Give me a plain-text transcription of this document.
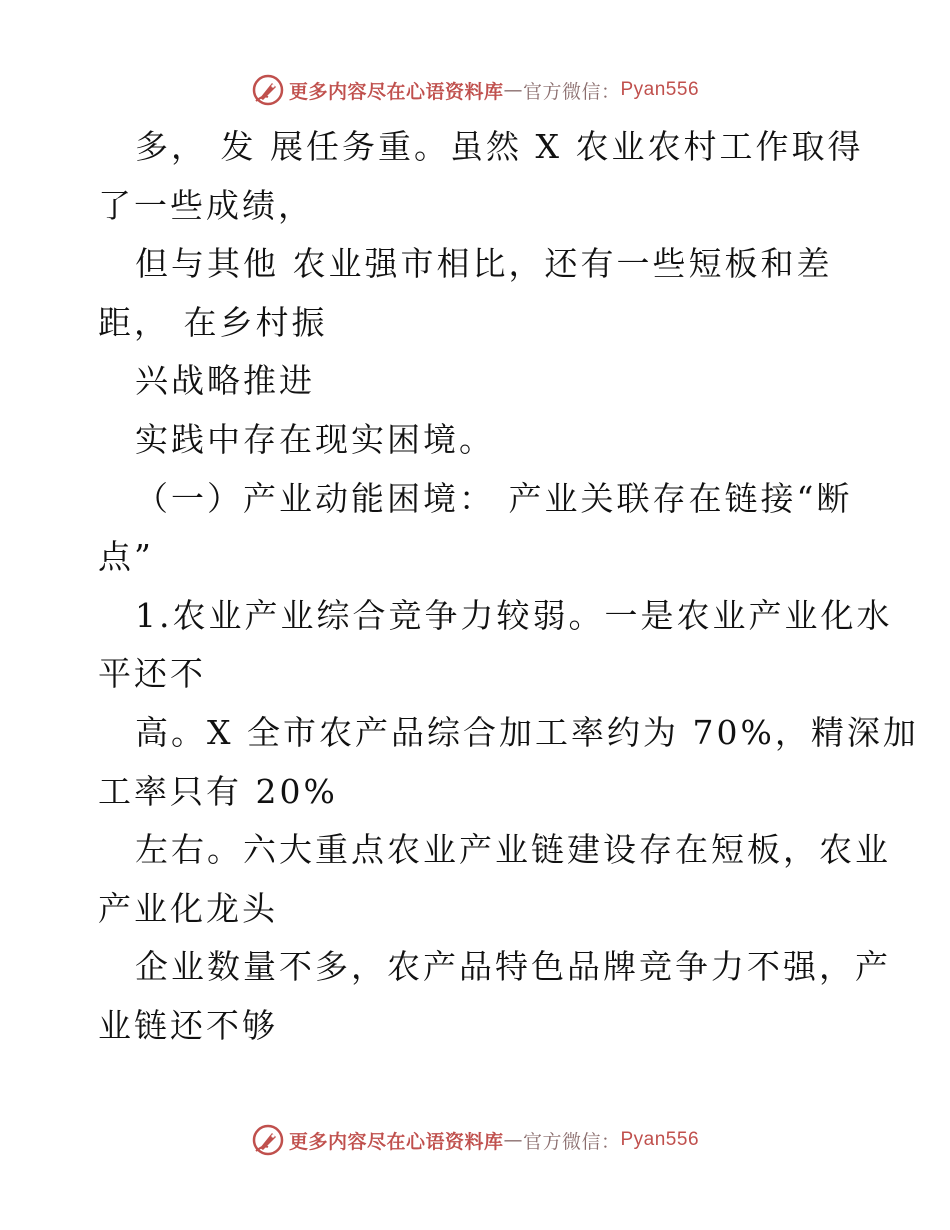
更多内容尽在心语资料库 — 官方微信： Pyan556
多， 发 展任务重。虽然 X 农业农村工作取得
了一些成绩，
但与其他 农业强市相比，还有一些短板和差
距， 在乡村振
兴战略推进
实践中存在现实困境。
（一）产业动能困境： 产业关联存在链接“断
点”
1.农业产业综合竞争力较弱。一是农业产业化水
平还不
高。X 全市农产品综合加工率约为 70%，精深加
工率只有 20%
左右。六大重点农业产业链建设存在短板，农业
产业化龙头
企业数量不多，农产品特色品牌竞争力不强，产
业链还不够
更多内容尽在心语资料库 — 官方微信： Pyan556
